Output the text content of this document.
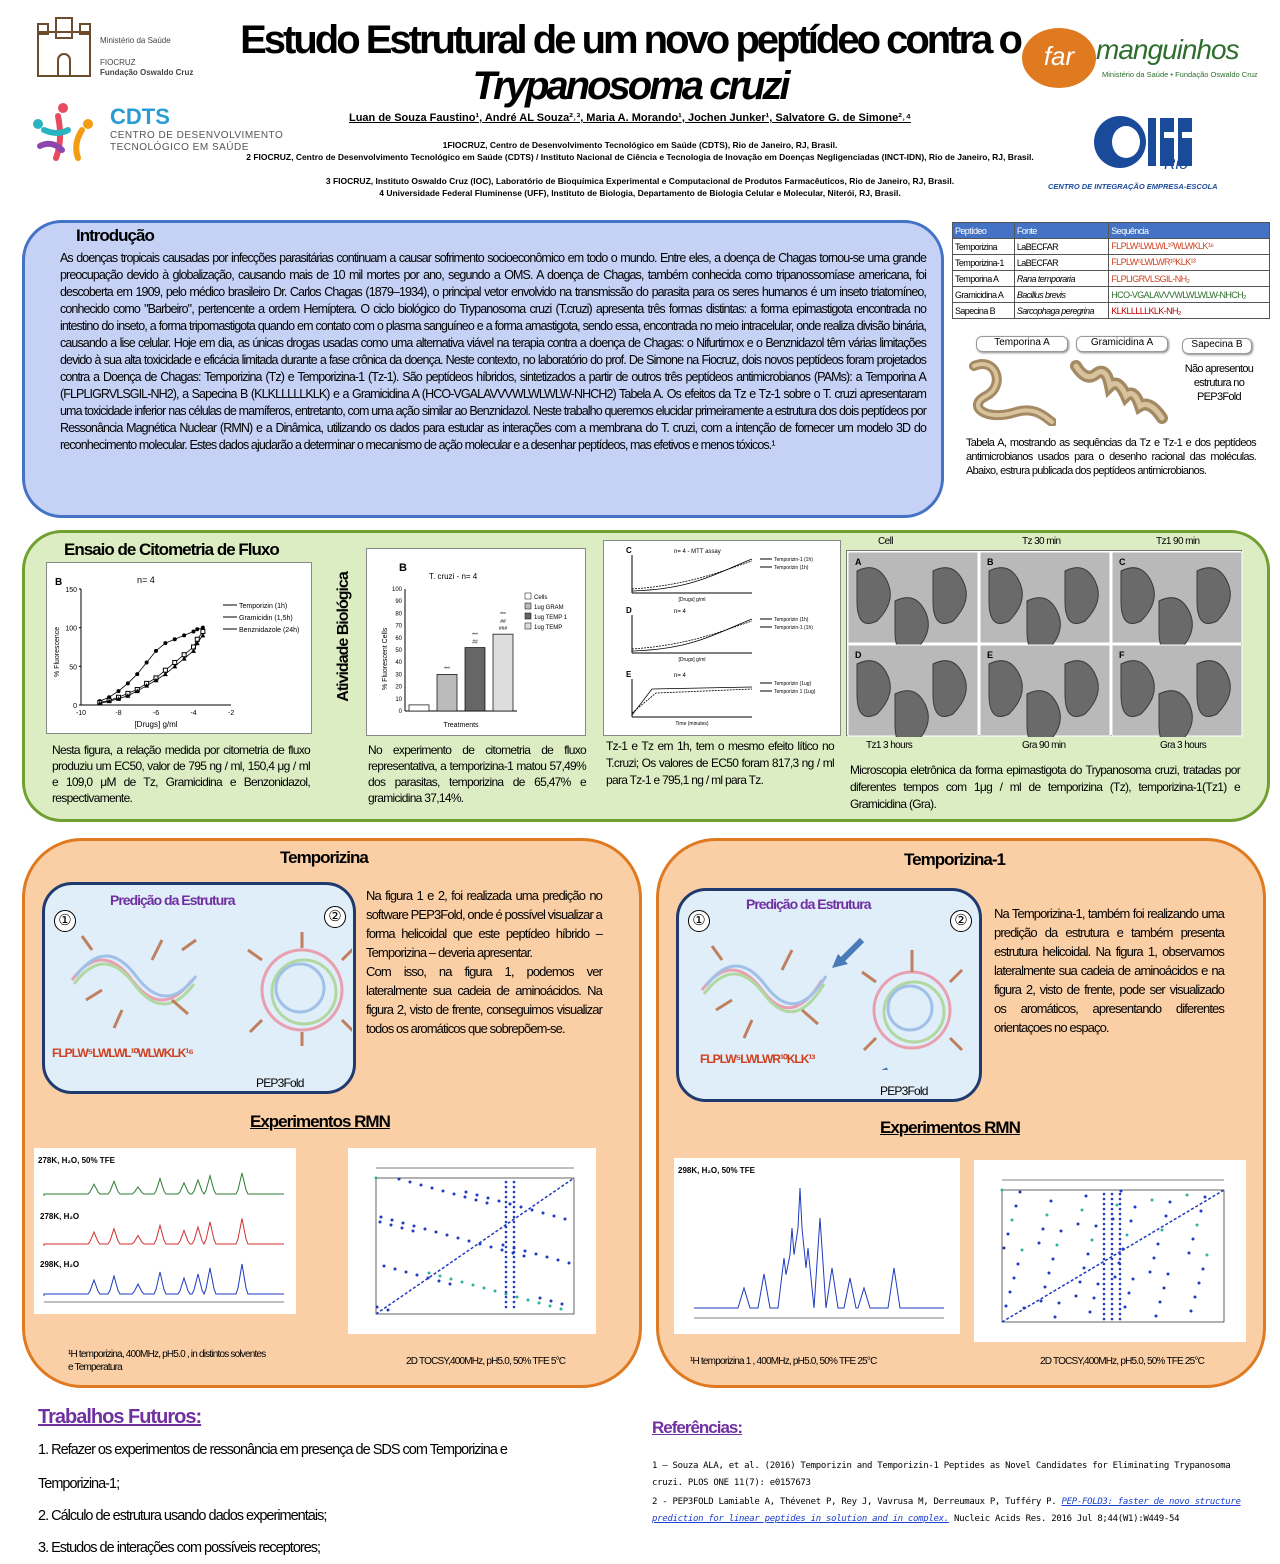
Ministério da Saúde
FIOCRUZ
Fundação Oswaldo Cruz
CDTS
CENTRO DE DESENVOLVIMENTO
TECNOLÓGICO EM SAÚDE
Estudo Estrutural de um novo peptídeo contra o
Trypanosoma cruzi
Luan de Souza Faustino¹, André AL Souza²˒³, Maria A. Morando¹, Jochen Junker¹, Salvatore G. de Simone²˒⁴
1FIOCRUZ, Centro de Desenvolvimento Tecnológico em Saúde (CDTS), Rio de Janeiro, RJ, Brasil.
2 FIOCRUZ, Centro de Desenvolvimento Tecnológico em Saúde (CDTS) / Instituto Nacional de Ciência e Tecnologia de Inovação em Doenças Negligenciadas (INCT-IDN), Rio de Janeiro, RJ, Brasil.
3 FIOCRUZ, Instituto Oswaldo Cruz (IOC), Laboratório de Bioquímica Experimental e Computacional de Produtos Farmacêuticos, Rio de Janeiro, RJ, Brasil.
4 Universidade Federal Fluminense (UFF), Instituto de Biologia, Departamento de Biologia Celular e Molecular, Niterói, RJ, Brasil.
far manguinhos
Ministério da Saúde • Fundação Oswaldo Cruz
Rio
CENTRO DE INTEGRAÇÃO EMPRESA-ESCOLA
Introdução
As doenças tropicais causadas por infecções parasitárias continuam a causar sofrimento socioeconômico em todo o mundo. Entre eles, a doença de Chagas tornou-se uma grande preocupação devido à globalização, causando mais de 10 mil mortes por ano, segundo a OMS. A doença de Chagas, também conhecida como tripanossomíase americana, foi descoberta em 1909, pelo médico brasileiro Dr. Carlos Chagas (1879–1934), o principal vetor envolvido na transmissão do parasita para os seres humanos é um inseto triatomíneo, conhecido como "Barbeiro", pertencente a ordem Hemíptera. O ciclo biológico do Trypanosoma cruzi (T.cruzi) apresenta três formas distintas: a forma epimastigota encontrada no intestino do inseto, a forma tripomastigota quando em contato com o plasma sanguíneo e a forma amastigota, sendo essa, encontrada no meio intracelular, onde realiza divisão binária, causando a lise celular. Hoje em dia, as únicas drogas usadas como uma alternativa viável na terapia contra a doença de Chagas: o Nifurtimox e o Benznidazol têm várias limitações devido à sua alta toxicidade e eficácia limitada durante a fase crônica da doença. Neste contexto, no laboratório do prof. De Simone na Fiocruz, dois novos peptídeos foram projetados contra a Doença de Chagas: Temporizina (Tz) e Temporizina-1 (Tz-1). São peptídeos híbridos, sintetizados a partir de outros três peptídeos antimicrobianos (PAMs): a Temporina A (FLPLIGRVLSGIL-NH2), a Sapecina B (KLKLLLLLKLK) e a Gramicidina A (HCO-VGALAVVVWLWLWLW-NHCH2) Tabela A. Os efeitos da Tz e Tz-1 sobre o T. cruzi apresentaram uma toxicidade inferior nas células de mamíferos, entretanto, com uma ação similar ao Benznidazol. Neste trabalho queremos elucidar primeiramente a estrutura dos dois peptídeos por Ressonância Magnética Nuclear (RMN) e a Dinâmica, utilizando os dados para estudar as interações com a membrana do T. cruzi, com a intenção de fornecer um modelo 3D do reconhecimento molecular. Estes dados ajudarão a determinar o mecanismo de ação molecular e a desenhar peptídeos, mas efetivos e menos tóxicos.¹
Peptídeo	Fonte	Sequência
Temporizina	LaBECFAR	FLPLW¹LWLWL¹⁰WLWKLK¹⁶
Temporizina-1	LaBECFAR	FLPLW⁵LWLWR¹⁰KLK¹³
Temporina A	Rana temporaria	FLPLIGRVLSGIL-NH₂
Gramicidina A	Bacillus brevis	HCO-VGALAVVVWLWLWLW-NHCH₂
Sapecina B	Sarcophaga peregrina	KLKLLLLLKLK-NH₂
Temporina A	Gramicidina A	Sapecina B
Não apresentou estrutura no PEP3Fold
Tabela A, mostrando as sequências da Tz e Tz-1 e dos peptídeos antimicrobianos usados para o desenho racional das moléculas. Abaixo, estrura publicada dos peptídeos antimicrobianos.
Ensaio de Citometria de Fluxo
Atividade Biológica
B	n= 4
0
50
100
150
-10	-8	-6	-4	-2
[Drugs] g/ml
% Fluorescence
Temporizin (1h)
Gramicidin (1,5h)
Benznidazole (24h)
B
T. cruzi - n= 4
0
10
20
30
40
50
60
70
80
90
100
% Fluorescent Cells
Treatments
***
##
***
###
##
***
Cells
1ug GRAM
1ug TEMP 1
1ug TEMP
C	n= 4 - MTT assay
Temporizin-1 (1h)
Temporizin (1h)
[Drugs] g/ml
D	n= 4
Temporizin (1h)
Temporizin-1 (1h)
[Drugs] g/ml
E	n= 4
Temporizin (1ug)
Temporizin 1 (1ug)
Time (minutes)
Cell	Tz 30 min	Tz1 90 min
A	B	C
D	E	F
Tz1 3 hours	Gra 90 min	Gra 3 hours
Nesta figura, a relação medida por citometria de fluxo produziu um EC50, valor de 795 ng / ml, 150,4 μg / ml e 109,0 μM de Tz, Gramicidina e Benzonidazol, respectivamente.
No experimento de citometria de fluxo representativa, a temporizina-1 matou 57,49% dos parasitas, temporizina de 65,47% e gramicidina 37,14%.
Tz-1 e Tz em 1h, tem o mesmo efeito lítico no T.cruzi; Os valores de EC50 foram 817,3 ng / ml para Tz-1 e 795,1 ng / ml para Tz.
Microscopia eletrônica da forma epimastigota do Trypanosoma cruzi, tratadas por diferentes tempos com 1μg / ml de temporizina (Tz), temporizina-1(Tz1) e Gramicidina (Gra).
Temporizina
Predição da Estrutura
①	②
FLPLW⁵LWLWL¹⁰WLWKLK¹⁶
PEP3Fold
Na figura 1 e 2, foi realizada uma predição no software PEP3Fold, onde é possível visualizar a forma helicoidal que este peptídeo híbrido – Temporizina – deveria apresentar.
Com isso, na figura 1, podemos ver lateralmente sua cadeia de aminoácidos. Na figura 2, visto de frente, conseguimos visualizar todos os aromáticos que sobrepõem-se.
Experimentos RMN
278K, H₂O, 50% TFE
278K, H₂O
298K, H₂O
¹H temporizina, 400MHz, pH5.0 , in distintos solventes e Temperatura
2D TOCSY,400MHz, pH5.0, 50% TFE 5°C
Temporizina-1
Predição da Estrutura
①	②
FLPLW⁵LWLWR¹⁰KLK¹³
PEP3Fold
Na Temporizina-1, também foi realizando uma predição da estrutura e também presenta estrutura helicoidal. Na figura 1, observamos lateralmente sua cadeia de aminoácidos e na figura 2, visto de frente, pode ser visualizado os aromáticos, apresentando diferentes orientaçoes no espaço.
Experimentos RMN
298K, H₂O, 50% TFE
¹H temporizina 1 , 400MHz, pH5.0, 50% TFE 25°C	2D TOCSY,400MHz, pH5.0, 50% TFE 25°C
Trabalhos Futuros:
1. Refazer os experimentos de ressonância em presença de SDS com Temporizina e
Temporizina-1;
2. Cálculo de estrutura usando dados experimentais;
3. Estudos de interações com possíveis receptores;
Referências:
1 – Souza ALA, et al. (2016) Temporizin and Temporizin-1 Peptides as Novel Candidates for Eliminating Trypanosoma cruzi. PLOS ONE 11(7): e0157673
2 - PEP3FOLD Lamiable A, Thévenet P, Rey J, Vavrusa M, Derreumaux P, Tufféry P. PEP-FOLD3: faster de novo structure prediction for linear peptides in solution and in complex. Nucleic Acids Res. 2016 Jul 8;44(W1):W449-54
